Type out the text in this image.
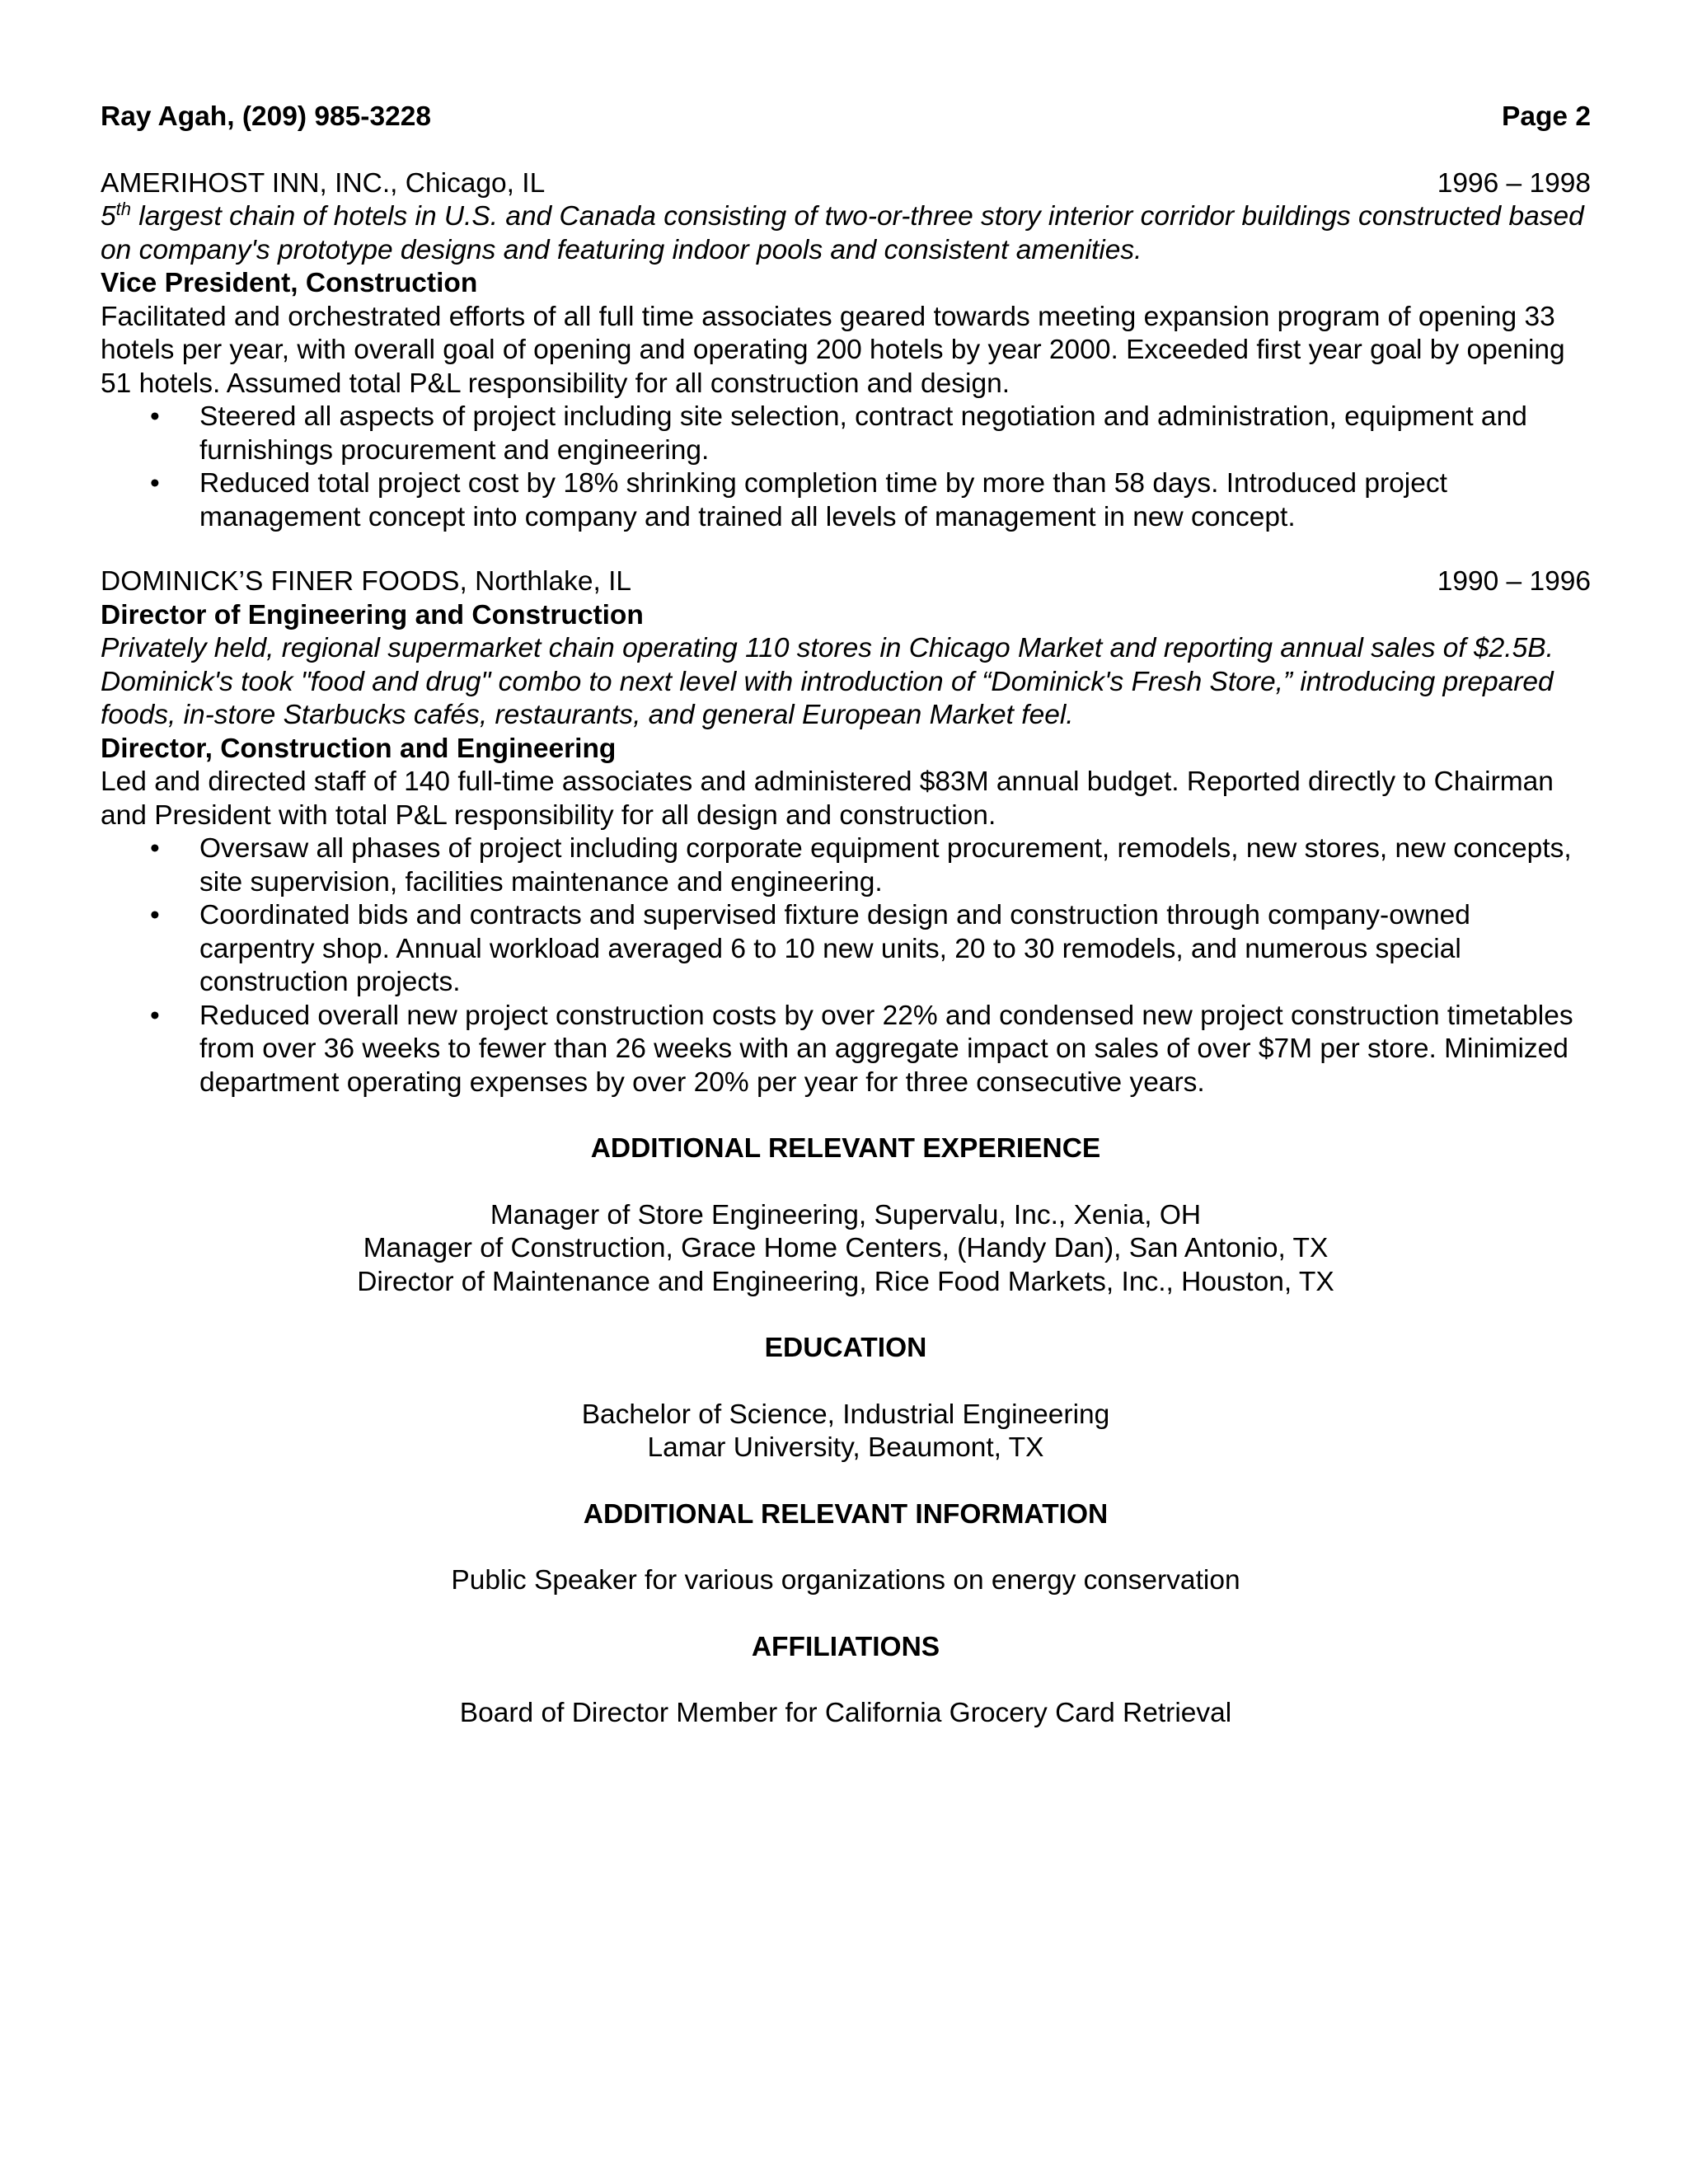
Ray Agah, (209) 985-3228	Page 2
AMERIHOST INN, INC., Chicago, IL	1996 – 1998
5th largest chain of hotels in U.S. and Canada consisting of two-or-three story interior corridor buildings constructed based on company's prototype designs and featuring indoor pools and consistent amenities.
Vice President, Construction
Facilitated and orchestrated efforts of all full time associates geared towards meeting expansion program of opening 33 hotels per year, with overall goal of opening and operating 200 hotels by year 2000. Exceeded first year goal by opening 51 hotels. Assumed total P&L responsibility for all construction and design.
• Steered all aspects of project including site selection, contract negotiation and administration, equipment and furnishings procurement and engineering.
• Reduced total project cost by 18% shrinking completion time by more than 58 days. Introduced project management concept into company and trained all levels of management in new concept.
DOMINICK’S FINER FOODS, Northlake, IL	1990 – 1996
Director of Engineering and Construction
Privately held, regional supermarket chain operating 110 stores in Chicago Market and reporting annual sales of $2.5B. Dominick's took "food and drug" combo to next level with introduction of “Dominick's Fresh Store,” introducing prepared foods, in-store Starbucks cafés, restaurants, and general European Market feel.
Director, Construction and Engineering
Led and directed staff of 140 full-time associates and administered $83M annual budget. Reported directly to Chairman and President with total P&L responsibility for all design and construction.
• Oversaw all phases of project including corporate equipment procurement, remodels, new stores, new concepts, site supervision, facilities maintenance and engineering.
• Coordinated bids and contracts and supervised fixture design and construction through company-owned carpentry shop. Annual workload averaged 6 to 10 new units, 20 to 30 remodels, and numerous special construction projects.
• Reduced overall new project construction costs by over 22% and condensed new project construction timetables from over 36 weeks to fewer than 26 weeks with an aggregate impact on sales of over $7M per store. Minimized department operating expenses by over 20% per year for three consecutive years.
ADDITIONAL RELEVANT EXPERIENCE
Manager of Store Engineering, Supervalu, Inc., Xenia, OH
Manager of Construction, Grace Home Centers, (Handy Dan), San Antonio, TX
Director of Maintenance and Engineering, Rice Food Markets, Inc., Houston, TX
EDUCATION
Bachelor of Science, Industrial Engineering
Lamar University, Beaumont, TX
ADDITIONAL RELEVANT INFORMATION
Public Speaker for various organizations on energy conservation
AFFILIATIONS
Board of Director Member for California Grocery Card Retrieval
